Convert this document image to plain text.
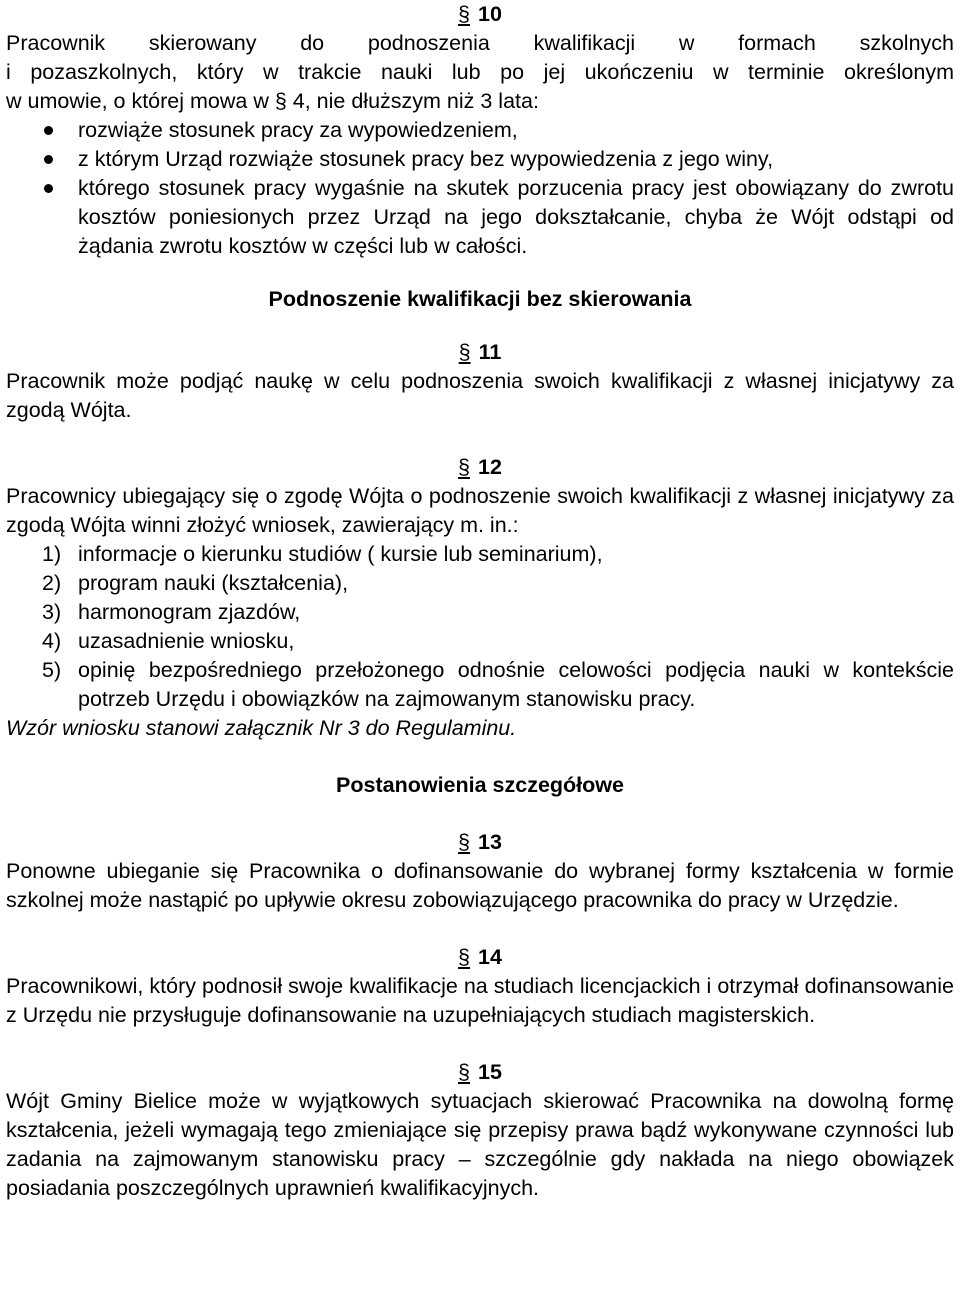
§ 10
Pracownik skierowany do podnoszenia kwalifikacji w formach szkolnych
i pozaszkolnych, który w trakcie nauki lub po jej ukończeniu w terminie określonym
w umowie, o której mowa w § 4, nie dłuższym niż 3 lata:
rozwiąże stosunek pracy za wypowiedzeniem,
z którym Urząd rozwiąże stosunek pracy bez wypowiedzenia z jego winy,
którego stosunek pracy wygaśnie na skutek porzucenia pracy jest obowiązany do zwrotu kosztów poniesionych przez Urząd na jego dokształcanie, chyba że Wójt odstąpi od żądania zwrotu kosztów w części lub w całości.
Podnoszenie kwalifikacji bez skierowania
§ 11
Pracownik może podjąć naukę w celu podnoszenia swoich kwalifikacji z własnej inicjatywy za zgodą Wójta.
§ 12
Pracownicy ubiegający się o zgodę Wójta o podnoszenie swoich kwalifikacji z własnej inicjatywy za zgodą Wójta winni złożyć wniosek, zawierający m. in.:
1) informacje o kierunku studiów ( kursie lub seminarium),
2) program nauki (kształcenia),
3) harmonogram zjazdów,
4) uzasadnienie wniosku,
5) opinię bezpośredniego przełożonego odnośnie celowości podjęcia nauki w kontekście potrzeb Urzędu i obowiązków na zajmowanym stanowisku pracy.
Wzór wniosku stanowi załącznik Nr 3 do Regulaminu.
Postanowienia szczegółowe
§ 13
Ponowne ubieganie się Pracownika o dofinansowanie do wybranej formy kształcenia w formie szkolnej może nastąpić po upływie okresu zobowiązującego pracownika do pracy w Urzędzie.
§ 14
Pracownikowi, który podnosił swoje kwalifikacje na studiach licencjackich i otrzymał dofinansowanie z Urzędu nie przysługuje dofinansowanie na uzupełniających studiach magisterskich.
§ 15
Wójt Gminy Bielice może w wyjątkowych sytuacjach skierować Pracownika na dowolną formę kształcenia, jeżeli wymagają tego zmieniające się przepisy prawa bądź wykonywane czynności lub zadania na zajmowanym stanowisku pracy – szczególnie gdy nakłada na niego obowiązek posiadania poszczególnych uprawnień kwalifikacyjnych.
